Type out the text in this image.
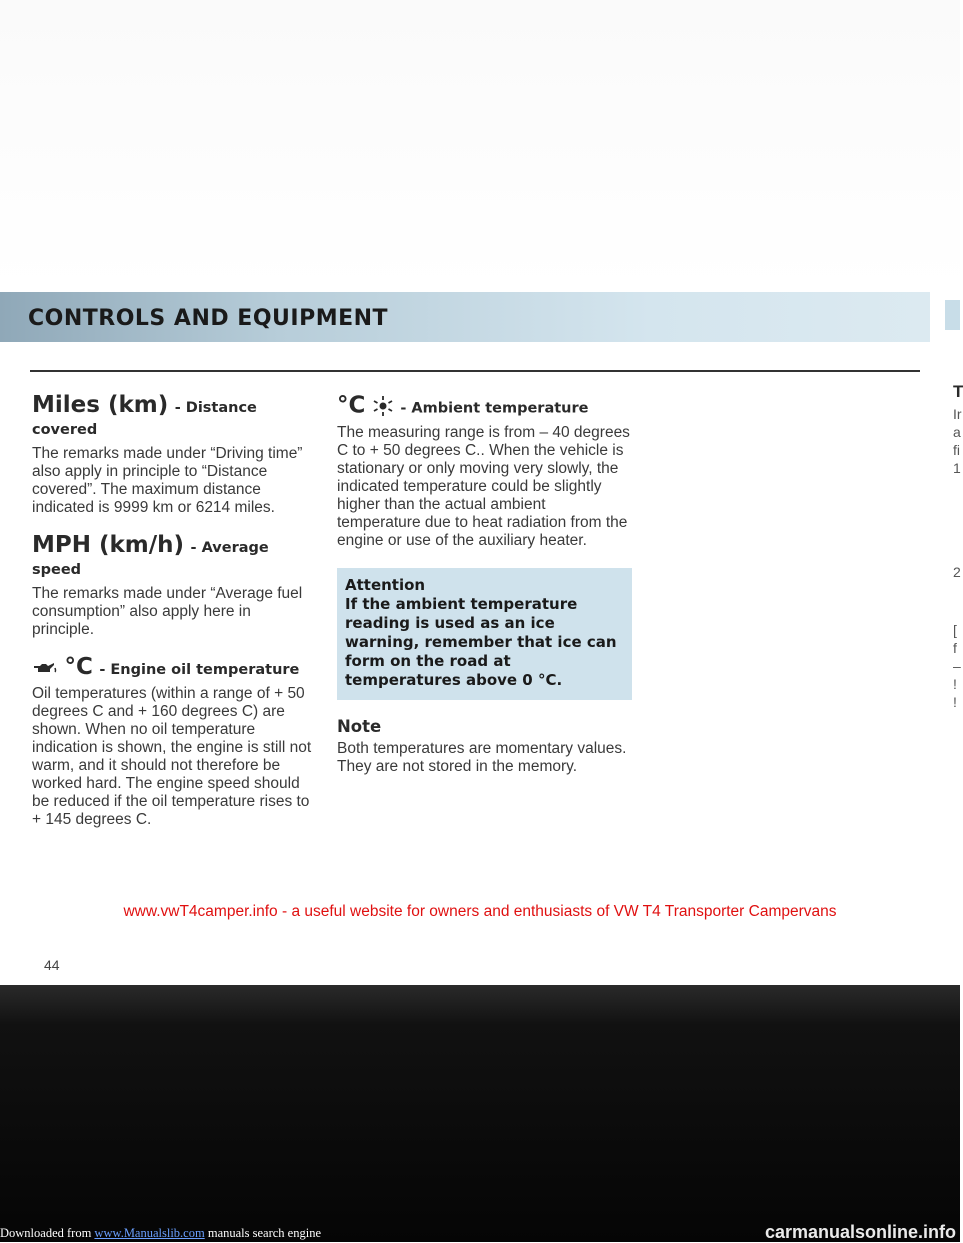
CONTROLS AND EQUIPMENT
Miles (km) - Distance covered

The remarks made under “Driving time” also apply in principle to “Distance covered”. The maximum distance indicated is 9999 km or 6214 miles.

MPH (km/h) - Average speed

The remarks made under “Average fuel consumption” also apply here in principle.

°C - Engine oil temperature

Oil temperatures (within a range of + 50 degrees C and + 160 degrees C) are shown. When no oil temperature indication is shown, the engine is still not warm, and it should not therefore be worked hard. The engine speed should be reduced if the oil temperature rises to + 145 degrees C.

°C - Ambient temperature

The measuring range is from – 40 degrees C to + 50 degrees C.. When the vehicle is stationary or only moving very slowly, the indicated temperature could be slightly higher than the actual ambient temperature due to heat radiation from the engine or use of the auxiliary heater.

Attention
If the ambient temperature reading is used as an ice warning, remember that ice can form on the road at temperatures above 0 °C.
Note

Both temperatures are momentary values. They are not stored in the memory.

T
Ir
a
fi
1
2
[
f
–
!
!
www.vwT4camper.info - a useful website for owners and enthusiasts of VW T4 Transporter Campervans
44
Downloaded from www.Manualslib.com manuals search engine	carmanualsonline.info
